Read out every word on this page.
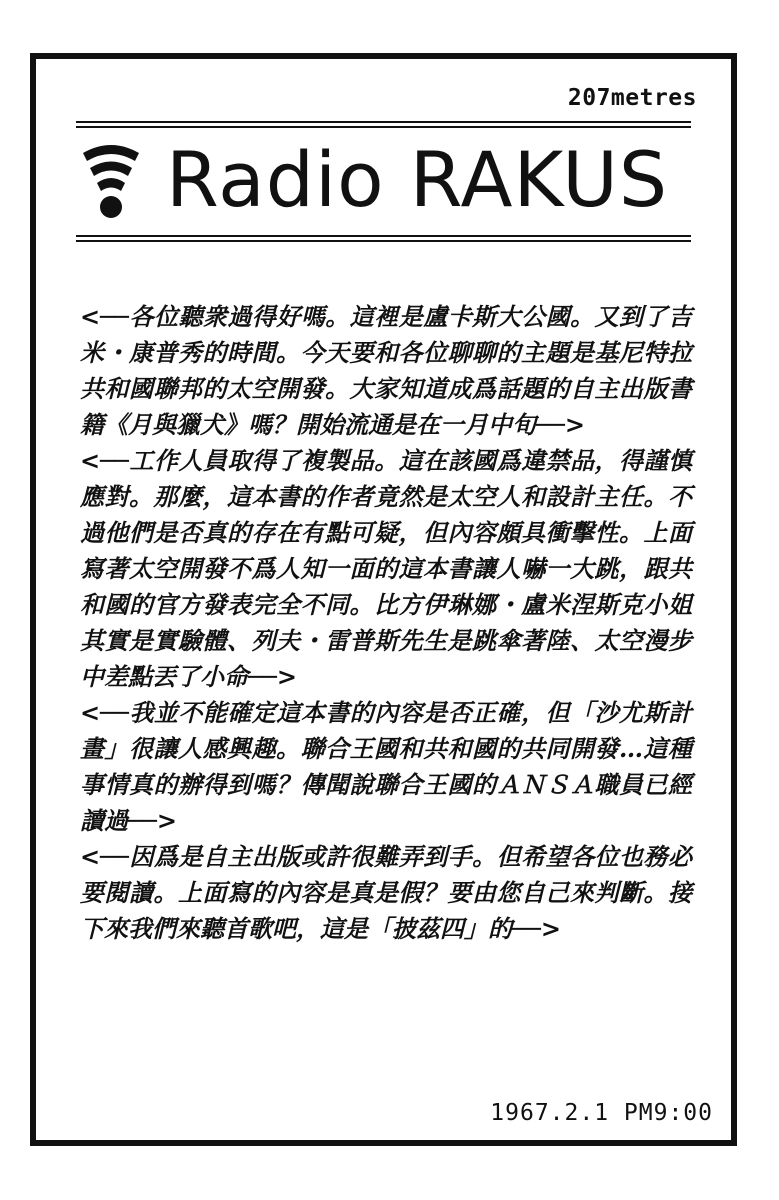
207metres
Radio RAKUS

<──各位聽衆過得好嗎。這裡是盧卡斯大公國。又到了吉米・康普秀的時間。今天要和各位聊聊的主題是基尼特拉共和國聯邦的太空開發。大家知道成爲話題的自主出版書籍《月與獵犬》嗎？開始流通是在一月中旬──>

<──工作人員取得了複製品。這在該國爲違禁品，得謹慎應對。那麼，這本書的作者竟然是太空人和設計主任。不過他們是否真的存在有點可疑，但內容頗具衝擊性。上面寫著太空開發不爲人知一面的這本書讓人嚇一大跳，跟共和國的官方發表完全不同。比方伊琳娜・盧米涅斯克小姐其實是實驗體、列夫・雷普斯先生是跳傘著陸、太空漫步中差點丟了小命──>

<──我並不能確定這本書的內容是否正確，但「沙尤斯計畫」很讓人感興趣。聯合王國和共和國的共同開發…這種事情真的辦得到嗎？傳聞說聯合王國的ＡＮＳＡ職員已經讀過──>

<──因爲是自主出版或許很難弄到手。但希望各位也務必要閱讀。上面寫的內容是真是假？要由您自己來判斷。接下來我們來聽首歌吧，這是「披茲四」的──>

1967.2.1 PM9:00
